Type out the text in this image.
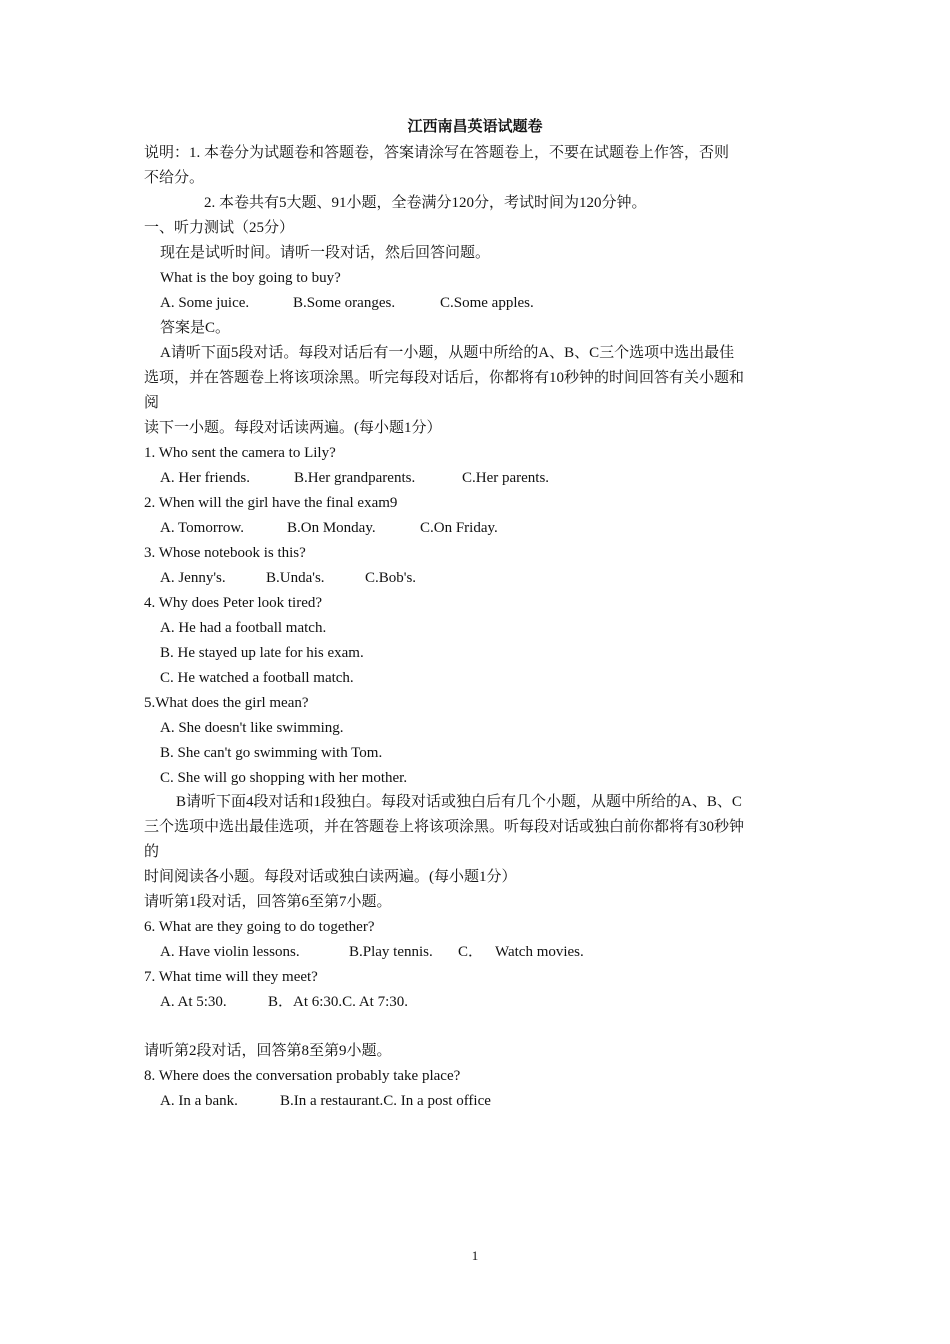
江西南昌英语试题卷
说明：1. 本卷分为试题卷和答题卷，答案请涂写在答题卷上，不要在试题卷上作答，否则
不给分。
2. 本卷共有5大题、91小题，全卷满分120分，考试时间为120分钟。
一、听力测试（25分）
现在是试听时间。请听一段对话，然后回答问题。
What is the boy going to buy?
A. Some juice.	B.Some oranges.	C.Some apples.
答案是C。
A请听下面5段对话。每段对话后有一小题，从题中所给的A、B、C三个选项中选出最佳
选项，并在答题卷上将该项涂黑。听完每段对话后，你都将有10秒钟的时间回答有关小题和
阅
读下一小题。每段对话读两遍。(每小题1分）
1. Who sent the camera to Lily?
A. Her friends.	B.Her grandparents.	C.Her parents.
2. When will the girl have the final exam9
A. Tomorrow.	B.On Monday.	C.On Friday.
3. Whose notebook is this?
A. Jenny's.	B.Unda's.	C.Bob's.
4. Why does Peter look tired?
A. He had a football match.
B. He stayed up late for his exam.
C. He watched a football match.
5.What does the girl mean?
A. She doesn't like swimming.
B. She can't go swimming with Tom.
C. She will go shopping with her mother.
B请听下面4段对话和1段独白。每段对话或独白后有几个小题，从题中所给的A、B、C
三个选项中选出最佳选项，并在答题卷上将该项涂黑。听每段对话或独白前你都将有30秒钟
的
时间阅读各小题。每段对话或独白读两遍。(每小题1分）
请听第1段对话，回答第6至第7小题。
6. What are they going to do together?
A. Have violin lessons.	B.Play tennis. C． Watch movies.
7. What time will they meet?
A. At 5:30.	B．At 6:30.C. At 7:30.
请听第2段对话，回答第8至第9小题。
8. Where does the conversation probably take place?
A. In a bank.	B.In a restaurant.C. In a post office
1
